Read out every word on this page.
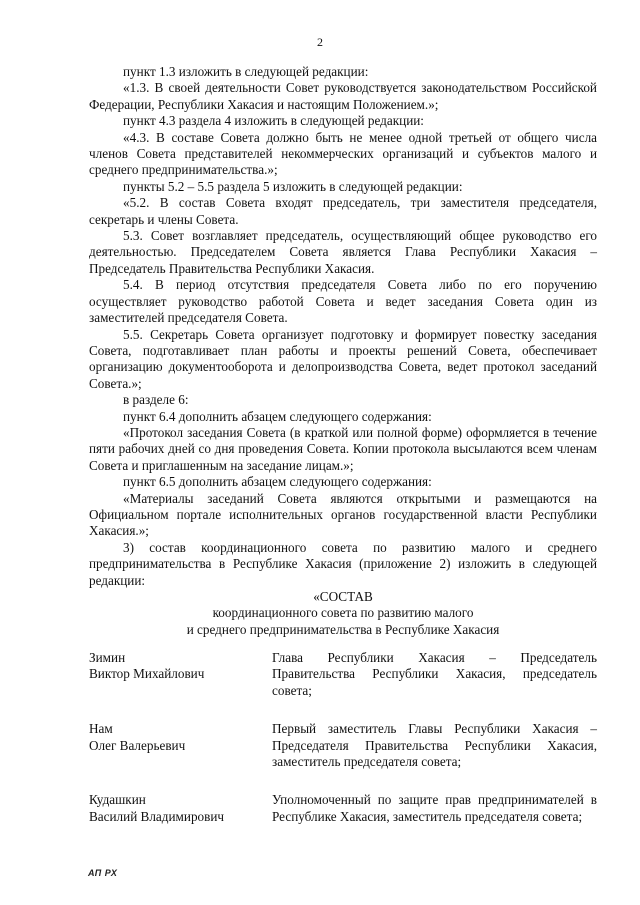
2

пункт 1.3 изложить в следующей редакции:

«1.3. В своей деятельности Совет руководствуется законодательством Российской Федерации, Республики Хакасия и настоящим Положением.»;

пункт 4.3 раздела 4 изложить в следующей редакции:

«4.3. В составе Совета должно быть не менее одной третьей от общего числа членов Совета представителей некоммерческих организаций и субъектов малого и среднего предпринимательства.»;

пункты 5.2 – 5.5 раздела 5 изложить в следующей редакции:

«5.2. В состав Совета входят председатель, три заместителя председателя, секретарь и члены Совета.

5.3. Совет возглавляет председатель, осуществляющий общее руководство его деятельностью. Председателем Совета является Глава Республики Хакасия – Председатель Правительства Республики Хакасия.

5.4. В период отсутствия председателя Совета либо по его поручению осуществляет руководство работой Совета и ведет заседания Совета один из заместителей председателя Совета.

5.5. Секретарь Совета организует подготовку и формирует повестку заседания Совета, подготавливает план работы и проекты решений Совета, обеспечивает организацию документооборота и делопроизводства Совета, ведет протокол заседаний Совета.»;

в разделе 6:

пункт 6.4 дополнить абзацем следующего содержания:

«Протокол заседания Совета (в краткой или полной форме) оформляется в течение пяти рабочих дней со дня проведения Совета. Копии протокола высылаются всем членам Совета и приглашенным на заседание лицам.»;

пункт 6.5 дополнить абзацем следующего содержания:

«Материалы заседаний Совета являются открытыми и размещаются на Официальном портале исполнительных органов государственной власти Республики Хакасия.»;

3) состав координационного совета по развитию малого и среднего предпринимательства в Республике Хакасия (приложение 2) изложить в следующей редакции:

«СОСТАВ

координационного совета по развитию малого

и среднего предпринимательства в Республике Хакасия

Зимин
Виктор Михайлович
Глава Республики Хакасия – Председатель Правительства Республики Хакасия, председатель совета;
Нам
Олег Валерьевич
Первый заместитель Главы Республики Хакасия – Председателя Правительства Республики Хакасия, заместитель председателя совета;
Кудашкин
Василий Владимирович
Уполномоченный по защите прав предпринимателей в Республике Хакасия, заместитель председателя совета;
АП РХ
